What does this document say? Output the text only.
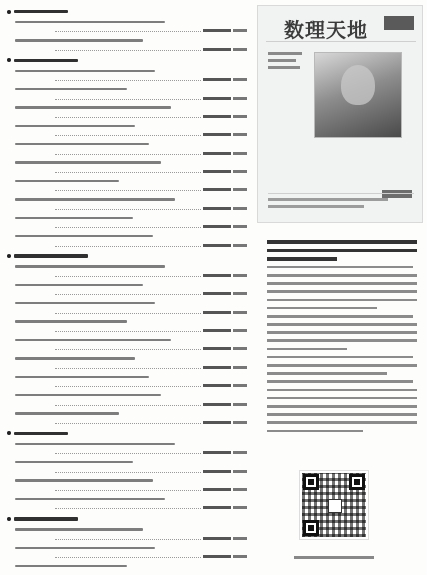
数理天地
